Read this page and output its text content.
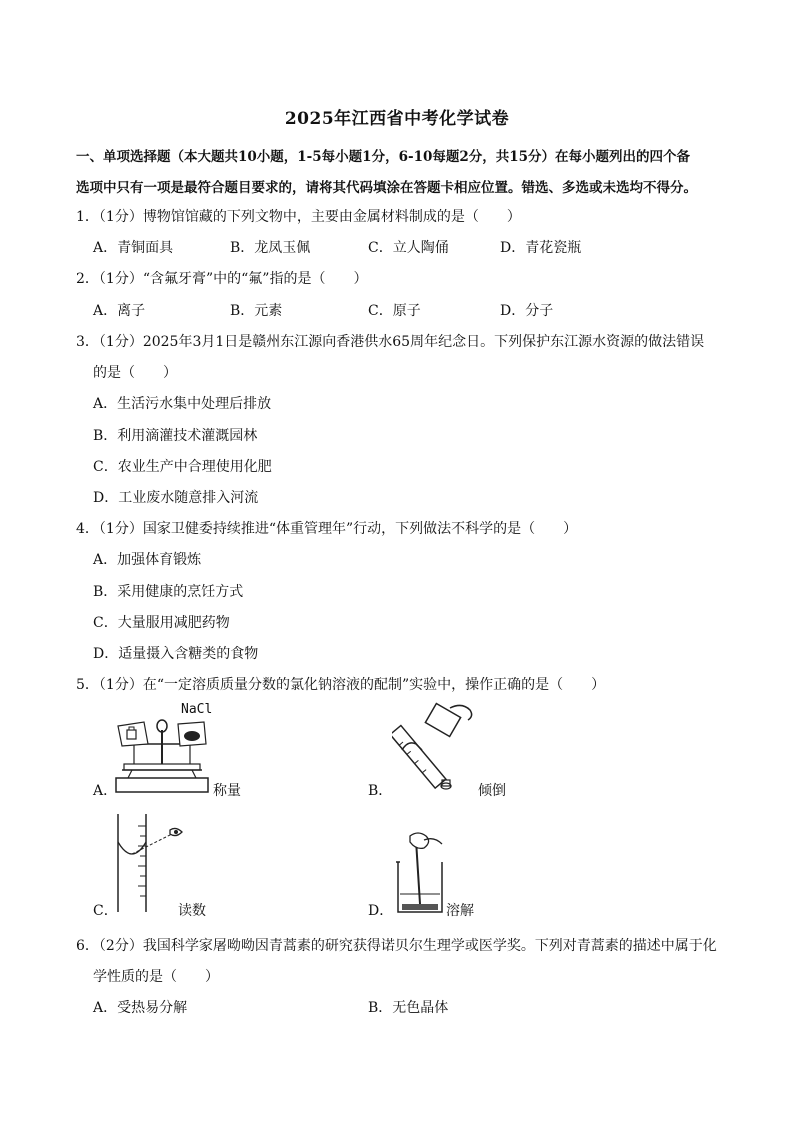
2025年江西省中考化学试卷
一、单项选择题（本大题共10小题，1-5每小题1分，6-10每题2分，共15分）在每小题列出的四个备
选项中只有一项是最符合题目要求的，请将其代码填涂在答题卡相应位置。错选、多选或未选均不得分。
1．（1分）博物馆馆藏的下列文物中，主要由金属材料制成的是（　　）
A．青铜面具	B．龙凤玉佩	C．立人陶俑	D．青花瓷瓶
2．（1分）“含氟牙膏”中的“氟”指的是（　　）
A．离子	B．元素	C．原子	D．分子
3．（1分）2025年3月1日是赣州东江源向香港供水65周年纪念日。下列保护东江源水资源的做法错误
的是（　　）
A．生活污水集中处理后排放
B．利用滴灌技术灌溉园林
C．农业生产中合理使用化肥
D．工业废水随意排入河流
4．（1分）国家卫健委持续推进“体重管理年”行动，下列做法不科学的是（　　）
A．加强体育锻炼
B．采用健康的烹饪方式
C．大量服用减肥药物
D．适量摄入含糖类的食物
5．（1分）在“一定溶质质量分数的氯化钠溶液的配制”实验中，操作正确的是（　　）
A．
NaCl
称量	B．	倾倒
C．	读数	D．	溶解
6．（2分）我国科学家屠呦呦因青蒿素的研究获得诺贝尔生理学或医学奖。下列对青蒿素的描述中属于化
学性质的是（　　）
A．受热易分解	B．无色晶体
